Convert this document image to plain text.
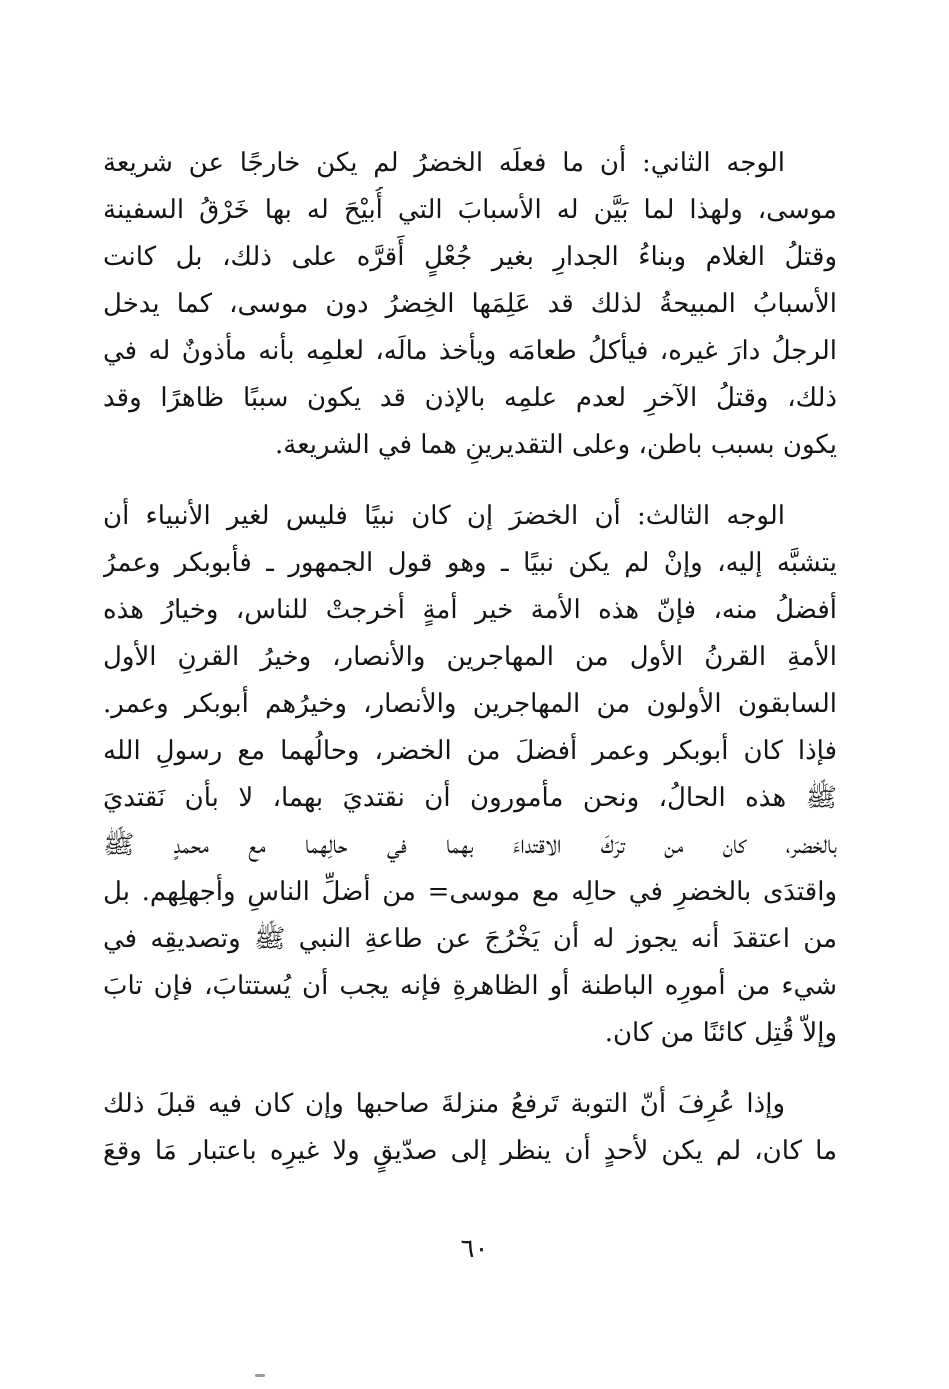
الوجه الثاني: أن ما فعلَه الخضرُ لم يكن خارجًا عن شريعة
موسى، ولهذا لما بَيَّن له الأسبابَ التي أُبيْحَ له بها خَرْقُ السفينة
وقتلُ الغلام وبناءُ الجدارِ بغير جُعْلٍ أَقرَّه على ذلك، بل كانت
الأسبابُ المبيحةُ لذلك قد عَلِمَها الخِضرُ دون موسى، كما يدخل
الرجلُ دارَ غيره، فيأكلُ طعامَه ويأخذ مالَه، لعلمِه بأنه مأذونٌ له في
ذلك، وقتلُ الآخرِ لعدم علمِه بالإذن قد يكون سببًا ظاهرًا وقد
يكون بسبب باطن، وعلى التقديرينِ هما في الشريعة.
الوجه الثالث: أن الخضرَ إن كان نبيًا فليس لغير الأنبياء أن
يتشبَّه إليه، وإنْ لم يكن نبيًا ـ وهو قول الجمهور ـ فأبوبكر وعمرُ
أفضلُ منه، فإنّ هذه الأمة خير أمةٍ أخرجتْ للناس، وخيارُ هذه
الأمةِ القرنُ الأول من المهاجرين والأنصار، وخيرُ القرنِ الأول
السابقون الأولون من المهاجرين والأنصار، وخيرُهم أبوبكر وعمر.
فإذا كان أبوبكر وعمر أفضلَ من الخضر، وحالُهما مع رسولِ الله
ﷺ هذه الحالُ، ونحن مأمورون أن نقتديَ بهما، لا بأن نَقتديَ
بالخضر، كان من ترَكَ الاقتداءَ بهما في حالِهما مع محمدٍ ﷺ
واقتدَى بالخضرِ في حالِه مع موسى= من أضلِّ الناسِ وأجهلِهم. بل
من اعتقدَ أنه يجوز له أن يَخْرُجَ عن طاعةِ النبي ﷺ وتصديقِه في
شيء من أمورِه الباطنة أو الظاهرةِ فإنه يجب أن يُستتابَ، فإن تابَ
وإلاّ قُتِل كائنًا من كان.
وإذا عُرِفَ أنّ التوبة تَرفعُ منزلةَ صاحبها وإن كان فيه قبلَ ذلك
ما كان، لم يكن لأحدٍ أن ينظر إلى صدّيقٍ ولا غيرِه باعتبار مَا وقعَ
٦٠
